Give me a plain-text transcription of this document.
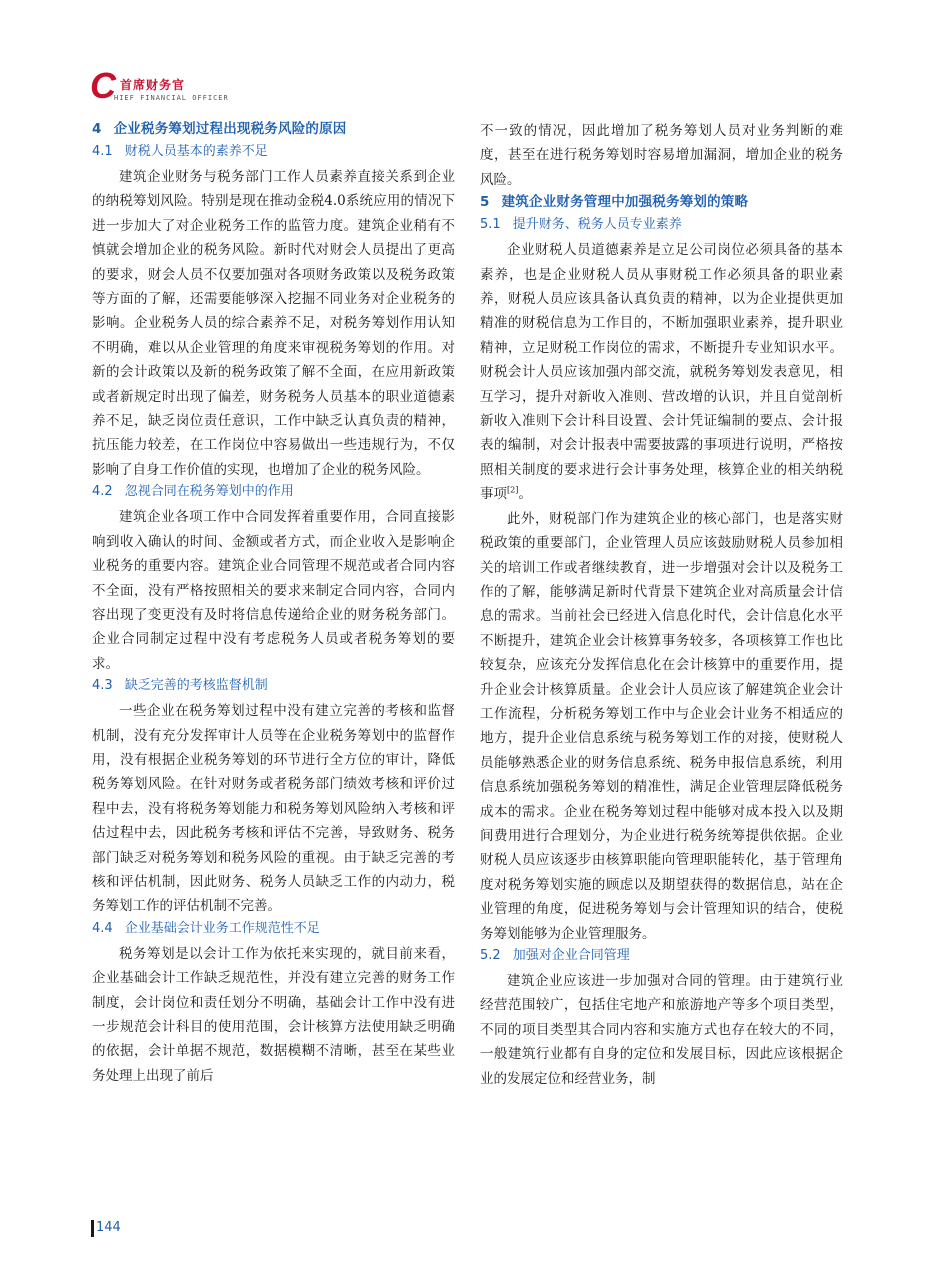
C 首席财务官
HIEF FINANCIAL OFFICER
4 企业税务筹划过程出现税务风险的原因
4.1 财税人员基本的素养不足

建筑企业财务与税务部门工作人员素养直接关系到企业的纳税筹划风险。特别是现在推动金税4.0系统应用的情况下进一步加大了对企业税务工作的监管力度。建筑企业稍有不慎就会增加企业的税务风险。新时代对财会人员提出了更高的要求，财会人员不仅要加强对各项财务政策以及税务政策等方面的了解，还需要能够深入挖掘不同业务对企业税务的影响。企业税务人员的综合素养不足，对税务筹划作用认知不明确，难以从企业管理的角度来审视税务筹划的作用。对新的会计政策以及新的税务政策了解不全面，在应用新政策或者新规定时出现了偏差，财务税务人员基本的职业道德素养不足，缺乏岗位责任意识，工作中缺乏认真负责的精神，抗压能力较差，在工作岗位中容易做出一些违规行为，不仅影响了自身工作价值的实现，也增加了企业的税务风险。

4.2 忽视合同在税务筹划中的作用

建筑企业各项工作中合同发挥着重要作用，合同直接影响到收入确认的时间、金额或者方式，而企业收入是影响企业税务的重要内容。建筑企业合同管理不规范或者合同内容不全面，没有严格按照相关的要求来制定合同内容，合同内容出现了变更没有及时将信息传递给企业的财务税务部门。企业合同制定过程中没有考虑税务人员或者税务筹划的要求。

4.3 缺乏完善的考核监督机制

一些企业在税务筹划过程中没有建立完善的考核和监督机制，没有充分发挥审计人员等在企业税务筹划中的监督作用，没有根据企业税务筹划的环节进行全方位的审计，降低税务筹划风险。在针对财务或者税务部门绩效考核和评价过程中去，没有将税务筹划能力和税务筹划风险纳入考核和评估过程中去，因此税务考核和评估不完善，导致财务、税务部门缺乏对税务筹划和税务风险的重视。由于缺乏完善的考核和评估机制，因此财务、税务人员缺乏工作的内动力，税务筹划工作的评估机制不完善。

4.4 企业基础会计业务工作规范性不足

税务筹划是以会计工作为依托来实现的，就目前来看，企业基础会计工作缺乏规范性，并没有建立完善的财务工作制度，会计岗位和责任划分不明确，基础会计工作中没有进一步规范会计科目的使用范围，会计核算方法使用缺乏明确的依据，会计单据不规范，数据模糊不清晰，甚至在某些业务处理上出现了前后

不一致的情况，因此增加了税务筹划人员对业务判断的难度，甚至在进行税务筹划时容易增加漏洞，增加企业的税务风险。

5 建筑企业财务管理中加强税务筹划的策略
5.1 提升财务、税务人员专业素养

企业财税人员道德素养是立足公司岗位必须具备的基本素养，也是企业财税人员从事财税工作必须具备的职业素养，财税人员应该具备认真负责的精神，以为企业提供更加精准的财税信息为工作目的，不断加强职业素养，提升职业精神，立足财税工作岗位的需求，不断提升专业知识水平。财税会计人员应该加强内部交流，就税务筹划发表意见，相互学习，提升对新收入准则、营改增的认识，并且自觉剖析新收入准则下会计科目设置、会计凭证编制的要点、会计报表的编制，对会计报表中需要披露的事项进行说明，严格按照相关制度的要求进行会计事务处理，核算企业的相关纳税事项[2]。

此外，财税部门作为建筑企业的核心部门，也是落实财税政策的重要部门，企业管理人员应该鼓励财税人员参加相关的培训工作或者继续教育，进一步增强对会计以及税务工作的了解，能够满足新时代背景下建筑企业对高质量会计信息的需求。当前社会已经进入信息化时代，会计信息化水平不断提升，建筑企业会计核算事务较多，各项核算工作也比较复杂，应该充分发挥信息化在会计核算中的重要作用，提升企业会计核算质量。企业会计人员应该了解建筑企业会计工作流程，分析税务筹划工作中与企业会计业务不相适应的地方，提升企业信息系统与税务筹划工作的对接，使财税人员能够熟悉企业的财务信息系统、税务申报信息系统，利用信息系统加强税务筹划的精准性，满足企业管理层降低税务成本的需求。企业在税务筹划过程中能够对成本投入以及期间费用进行合理划分，为企业进行税务统筹提供依据。企业财税人员应该逐步由核算职能向管理职能转化，基于管理角度对税务筹划实施的顾虑以及期望获得的数据信息，站在企业管理的角度，促进税务筹划与会计管理知识的结合，使税务筹划能够为企业管理服务。

5.2 加强对企业合同管理

建筑企业应该进一步加强对合同的管理。由于建筑行业经营范围较广，包括住宅地产和旅游地产等多个项目类型，不同的项目类型其合同内容和实施方式也存在较大的不同，一般建筑行业都有自身的定位和发展目标，因此应该根据企业的发展定位和经营业务，制

144
